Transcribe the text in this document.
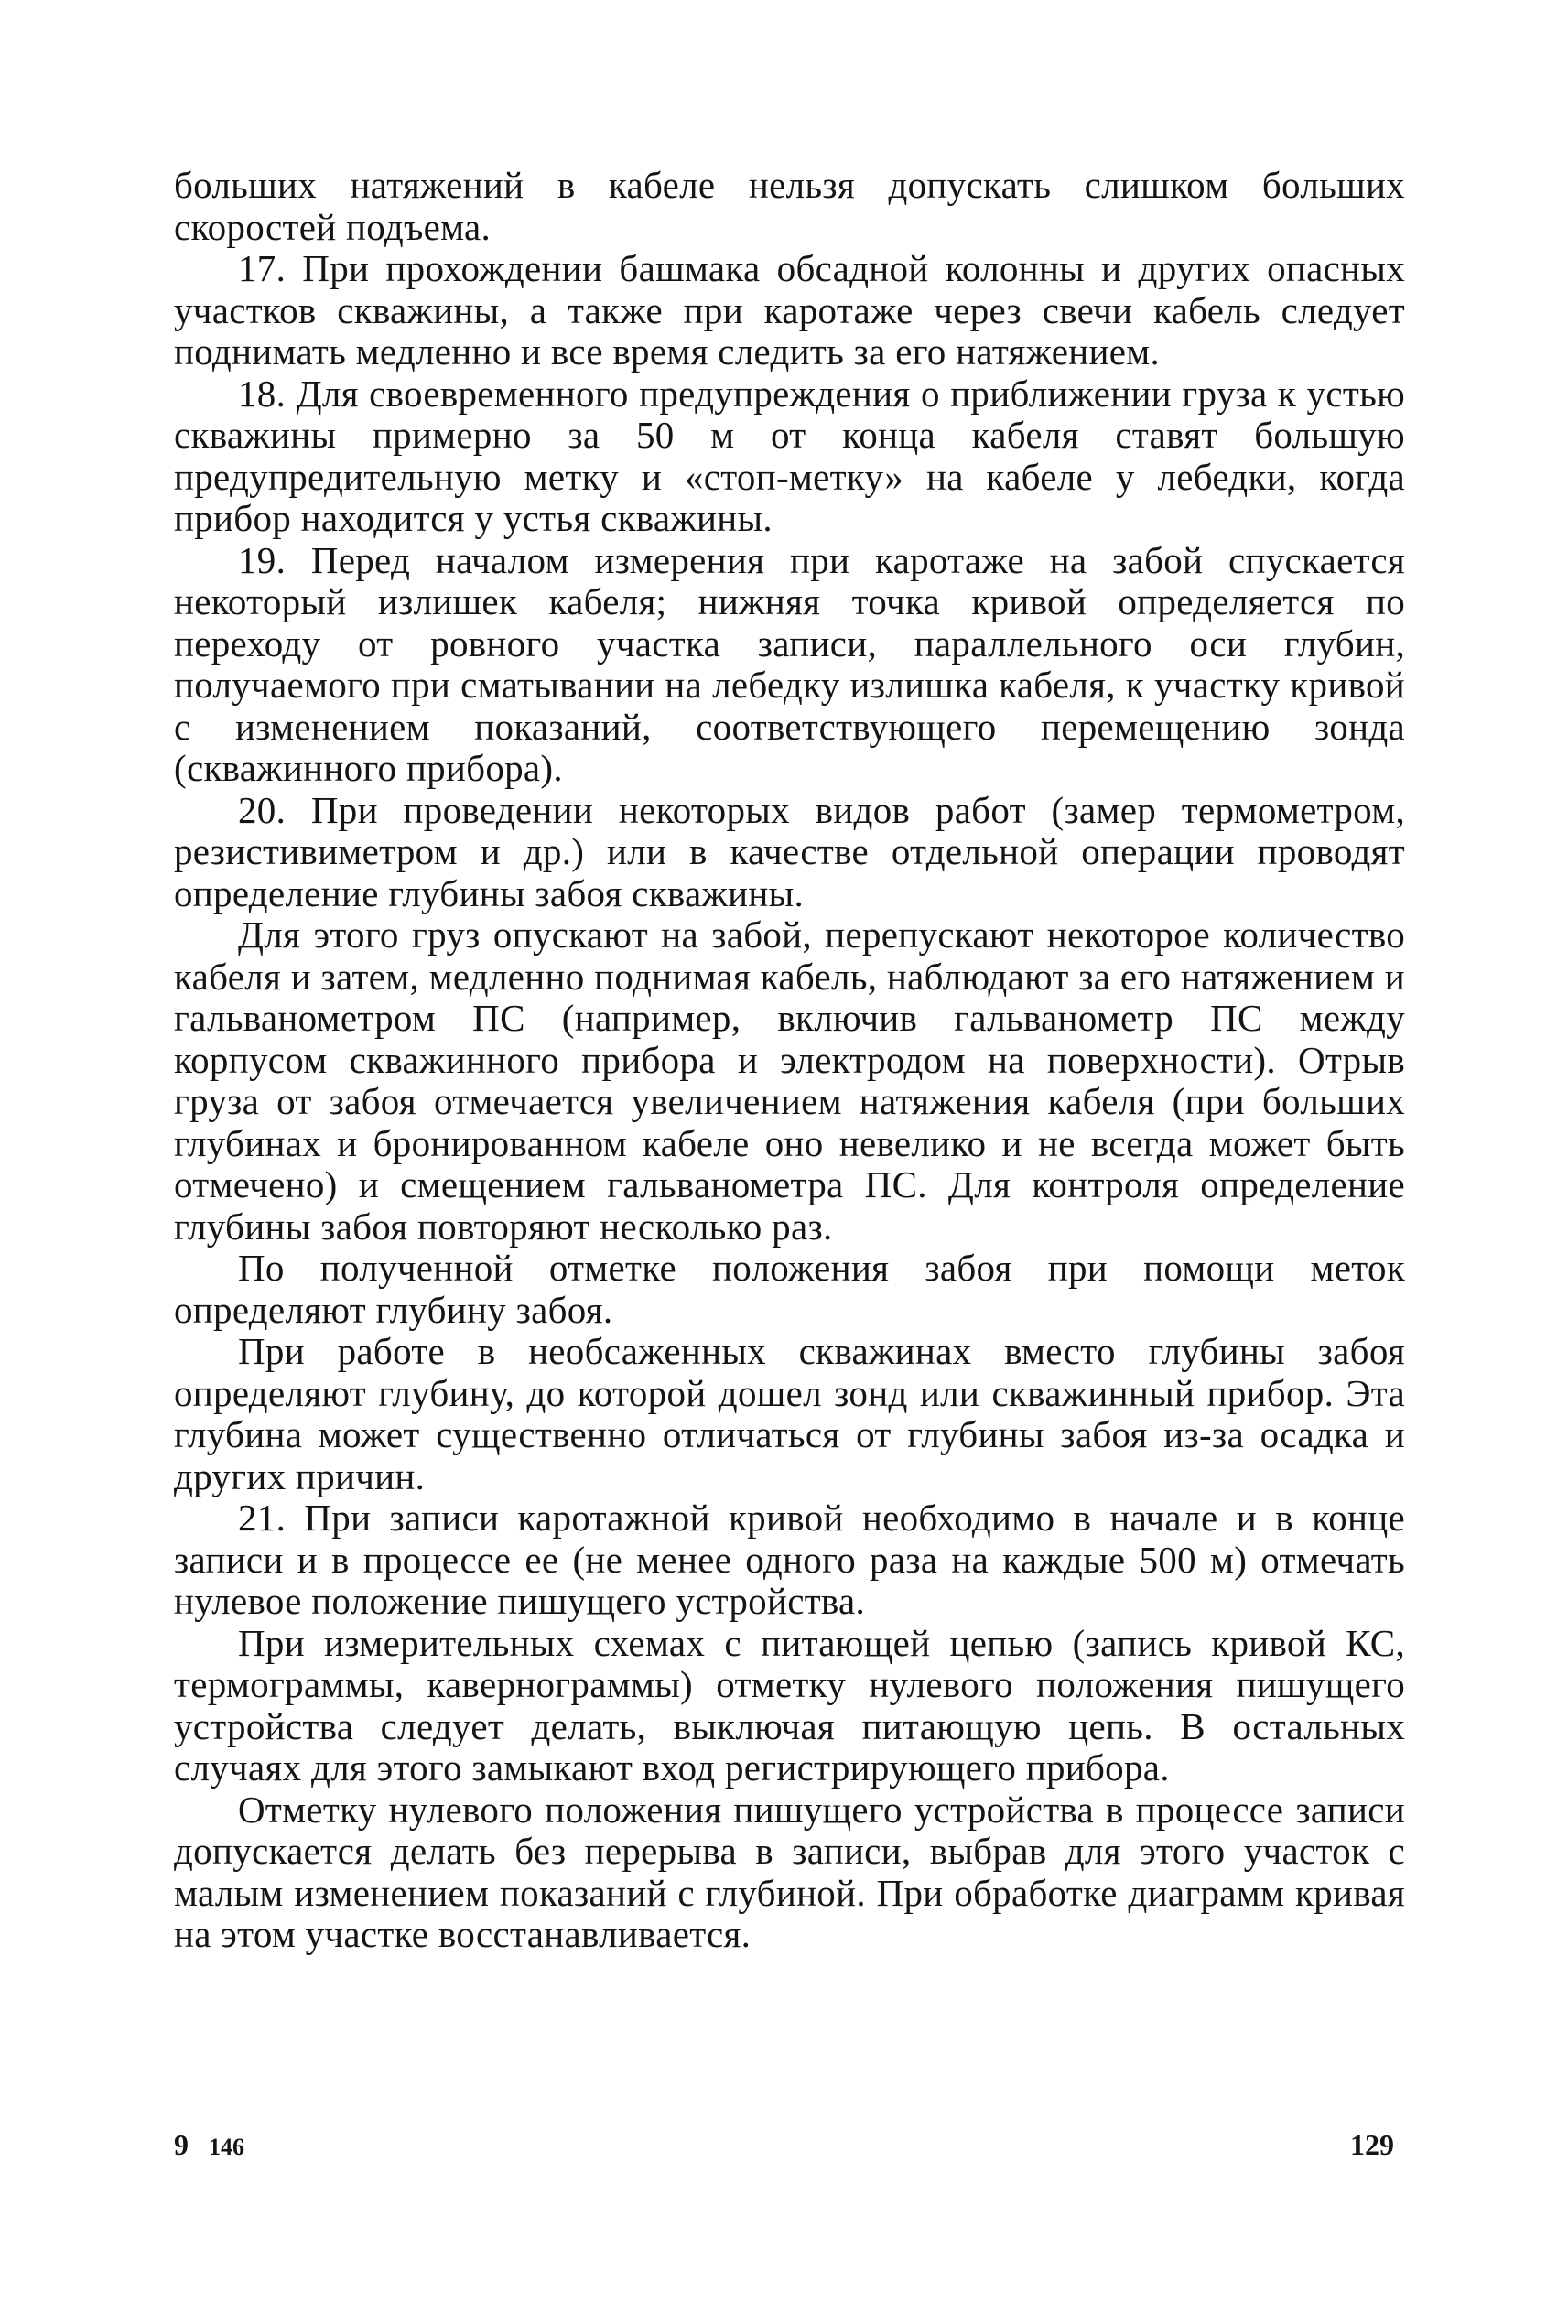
больших натяжений в кабеле нельзя допускать слишком больших скоростей подъема.

17. При прохождении башмака обсадной колонны и других опасных участков скважины, а также при каротаже через свечи кабель следует поднимать медленно и все время следить за его натяжением.

18. Для своевременного предупреждения о приближении груза к устью скважины примерно за 50 м от конца кабеля ставят большую предупредительную метку и «стоп-метку» на кабеле у лебедки, когда прибор находится у устья скважины.

19. Перед началом измерения при каротаже на забой спускается некоторый излишек кабеля; нижняя точка кривой определяется по переходу от ровного участка записи, параллельного оси глубин, получаемого при сматывании на лебедку излишка кабеля, к участку кривой с изменением показаний, соответствующего перемещению зонда (скважинного прибора).

20. При проведении некоторых видов работ (замер термометром, резистивиметром и др.) или в качестве отдельной операции проводят определение глубины забоя скважины.

Для этого груз опускают на забой, перепускают некоторое количество кабеля и затем, медленно поднимая кабель, наблюдают за его натяжением и гальванометром ПС (например, включив гальванометр ПС между корпусом скважинного прибора и электродом на поверхности). Отрыв груза от забоя отмечается увеличением натяжения кабеля (при больших глубинах и бронированном кабеле оно невелико и не всегда может быть отмечено) и смещением гальванометра ПС. Для контроля определение глубины забоя повторяют несколько раз.

По полученной отметке положения забоя при помощи меток определяют глубину забоя.

При работе в необсаженных скважинах вместо глубины забоя определяют глубину, до которой дошел зонд или скважинный прибор. Эта глубина может существенно отличаться от глубины забоя из-за осадка и других причин.

21. При записи каротажной кривой необходимо в начале и в конце записи и в процессе ее (не менее одного раза на каждые 500 м) отмечать нулевое положение пишущего устройства.

При измерительных схемах с питающей цепью (запись кривой КС, термограммы, кавернограммы) отметку нулевого положения пишущего устройства следует делать, выключая питающую цепь. В остальных случаях для этого замыкают вход регистрирующего прибора.

Отметку нулевого положения пишущего устройства в процессе записи допускается делать без перерыва в записи, выбрав для этого участок с малым изменением показаний с глубиной. При обработке диаграмм кривая на этом участке восстанавливается.

9 146	129
